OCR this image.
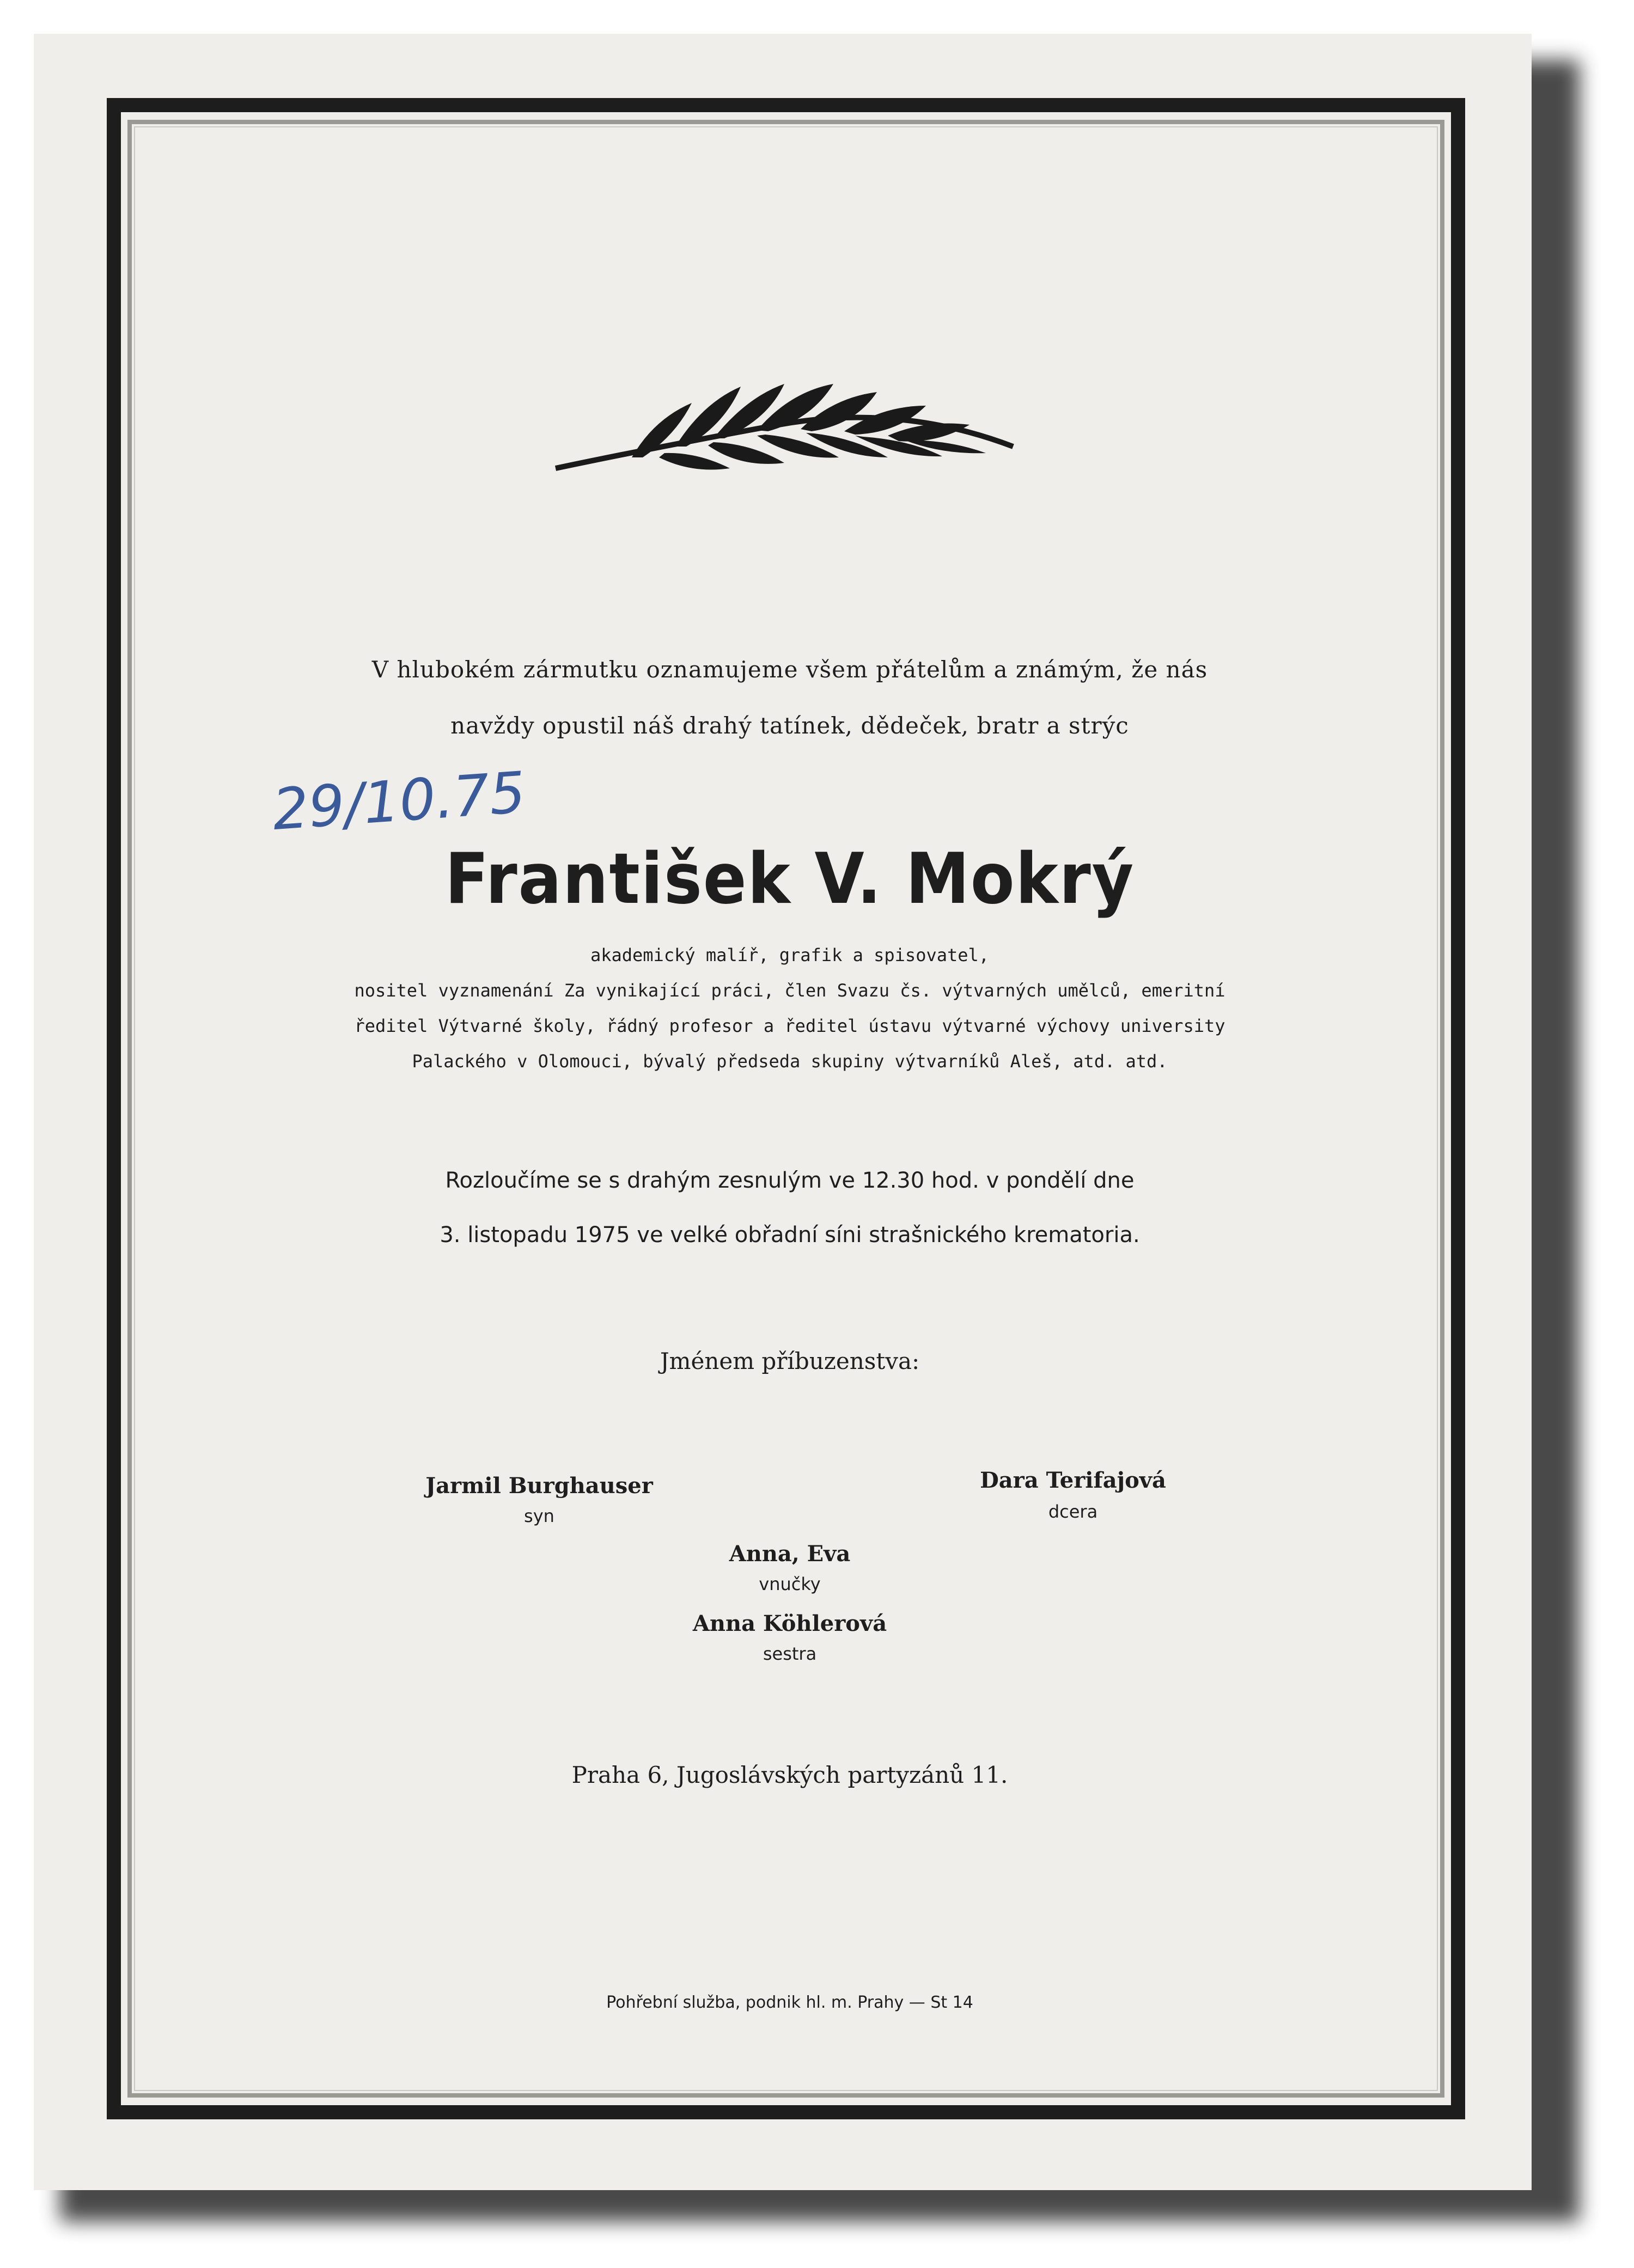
V hlubokém zármutku oznamujeme všem přátelům a známým, že nás
navždy opustil náš drahý tatínek, dědeček, bratr a strýc
29/10.75
František V. Mokrý
akademický malíř, grafik a spisovatel,
nositel vyznamenání Za vynikající práci, člen Svazu čs. výtvarných umělců, emeritní
ředitel Výtvarné školy, řádný profesor a ředitel ústavu výtvarné výchovy university
Palackého v Olomouci, bývalý předseda skupiny výtvarníků Aleš, atd. atd.
Rozloučíme se s drahým zesnulým ve 12.30 hod. v pondělí dne
3. listopadu 1975 ve velké obřadní síni strašnického krematoria.
Jménem příbuzenstva:
Jarmil Burghauser
syn
Dara Terifajová
dcera
Anna, Eva
vnučky
Anna Köhlerová
sestra
Praha 6, Jugoslávských partyzánů 11.
Pohřební služba, podnik hl. m. Prahy — St 14
